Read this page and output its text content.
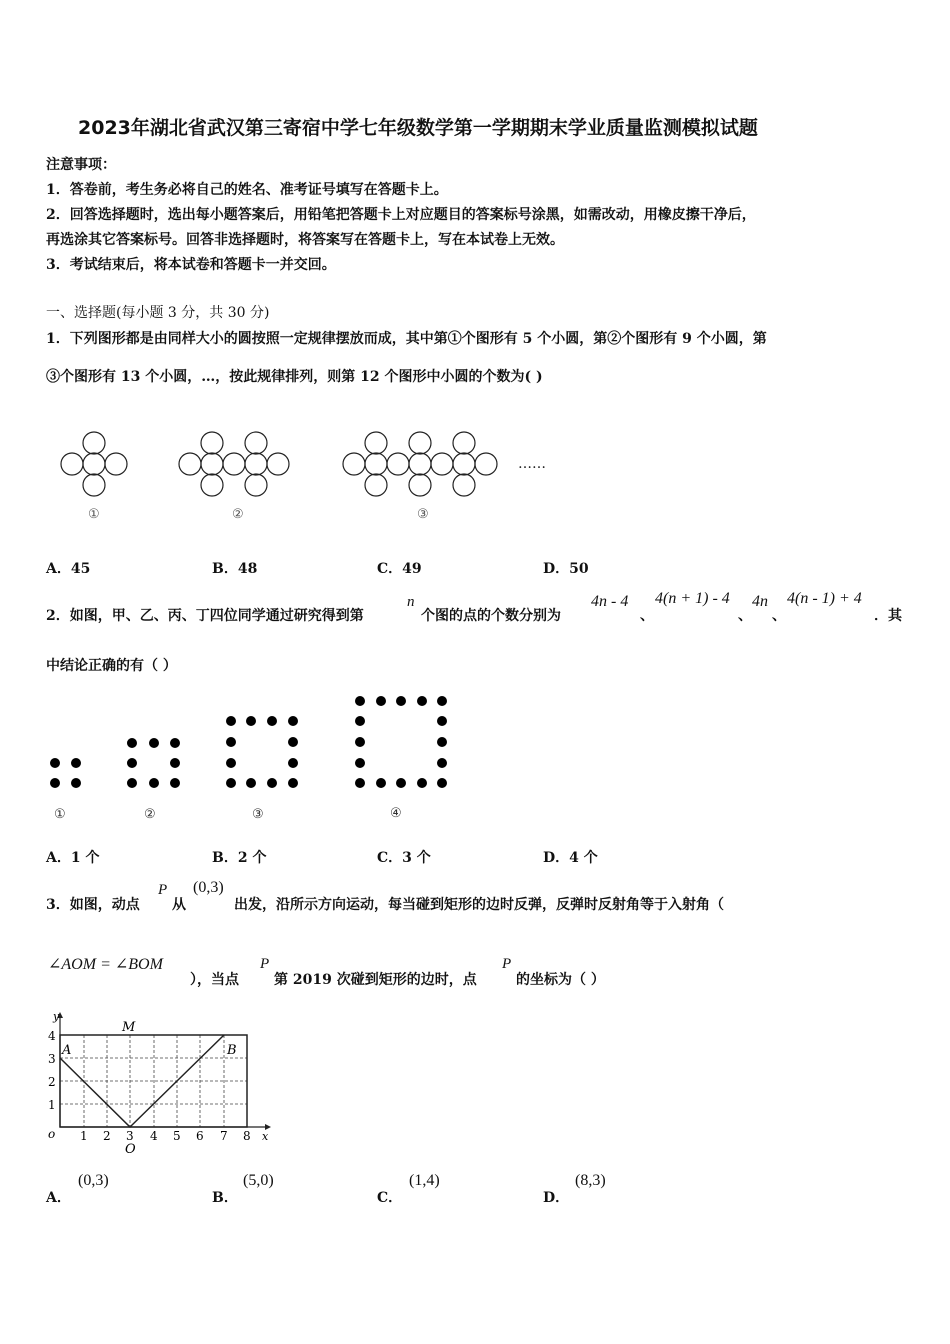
2023年湖北省武汉第三寄宿中学七年级数学第一学期期末学业质量监测模拟试题
注意事项：
1．答卷前，考生务必将自己的姓名、准考证号填写在答题卡上。
2．回答选择题时，选出每小题答案后，用铅笔把答题卡上对应题目的答案标号涂黑，如需改动，用橡皮擦干净后，
再选涂其它答案标号。回答非选择题时，将答案写在答题卡上，写在本试卷上无效。
3．考试结束后，将本试卷和答题卡一并交回。
一、选择题(每小题 3 分，共 30 分)
1．下列图形都是由同样大小的圆按照一定规律摆放而成，其中第①个图形有 5 个小圆，第②个图形有 9 个小圆，第
③个图形有 13 个小圆，…，按此规律排列，则第 12 个图形中小圆的个数为( )
①	②	③
……
A．45	B．48	C．49	D．50
2．如图，甲、乙、丙、丁四位同学通过研究得到第
n
个图的点的个数分别为
4n - 4
、
4(n + 1) - 4
、
4n
、
4(n - 1) + 4
．其
中结论正确的有（ ）
①	②	③	④
A．1 个	B．2 个	C．3 个	D．4 个
3．如图，动点
P
从
(0,3)
出发，沿所示方向运动，每当碰到矩形的边时反弹，反弹时反射角等于入射角（
∠AOM = ∠BOM
），当点
P
第 2019 次碰到矩形的边时，点
P
的坐标为（ ）
y
x
1
2
3
4
o 1 2 3 4 5 6 7 8
A	B
M
O
A．
(0,3)
B．
(5,0)
C．
(1,4)
D．
(8,3)
